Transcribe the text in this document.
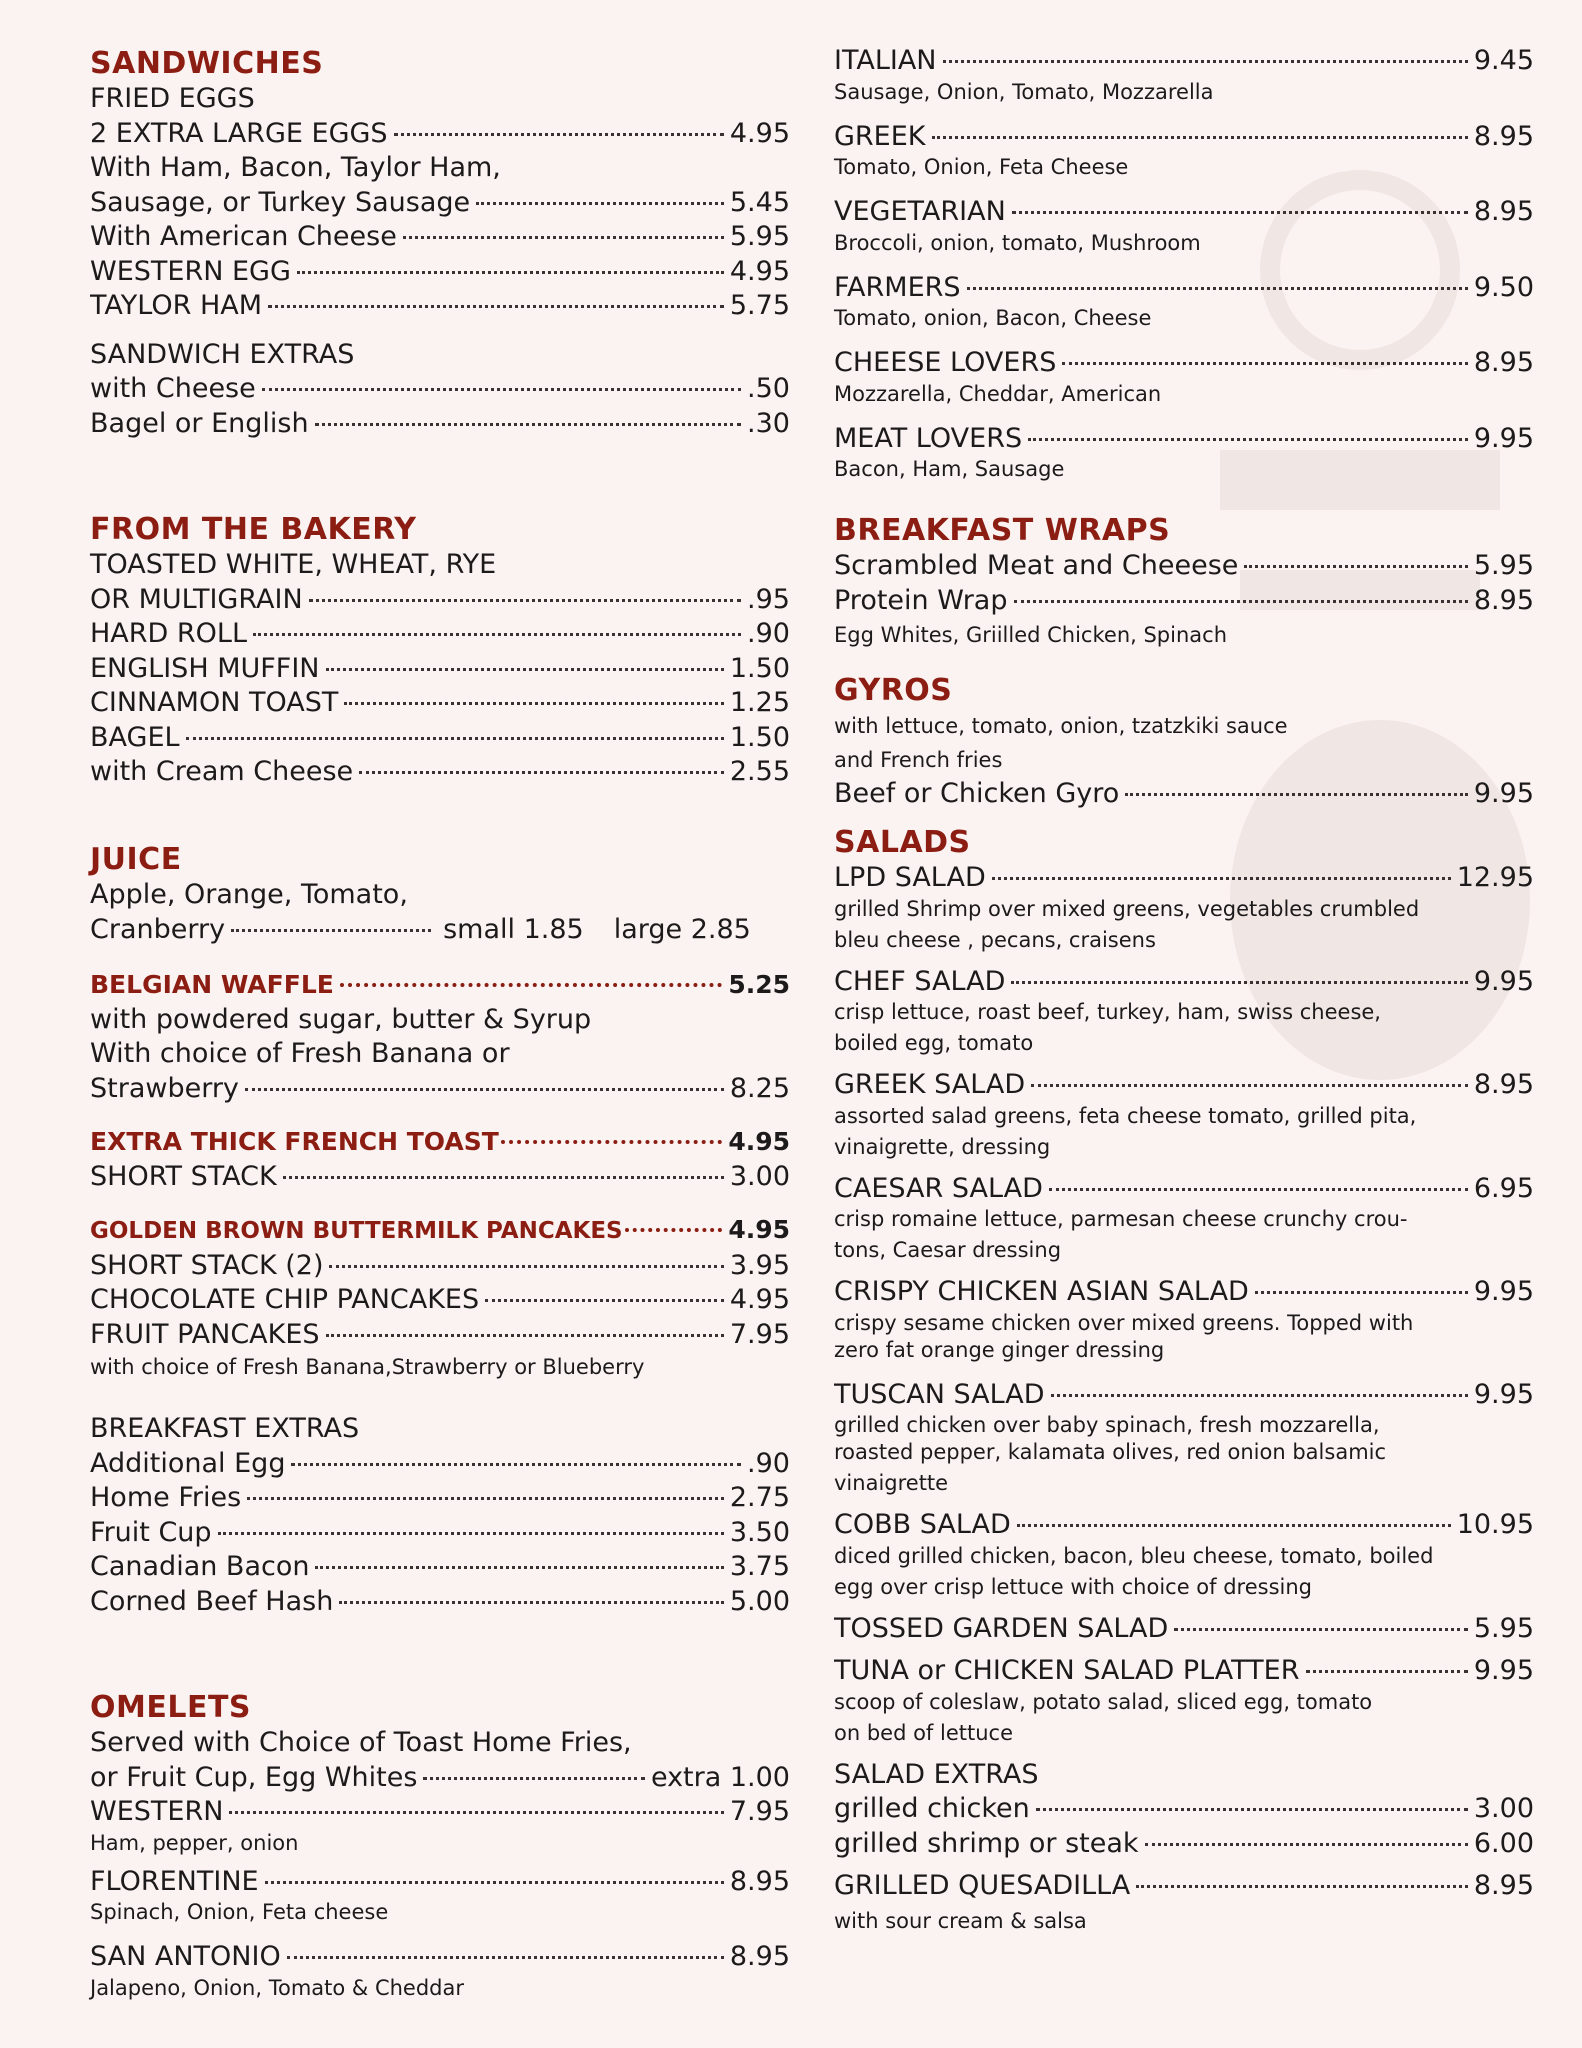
SANDWICHES
FRIED EGGS
2 EXTRA LARGE EGGS	4.95
With Ham, Bacon, Taylor Ham,
Sausage, or Turkey Sausage	5.45
With American Cheese	5.95
WESTERN EGG	4.95
TAYLOR HAM	5.75
SANDWICH EXTRAS
with Cheese	.50
Bagel or English	.30
FROM THE BAKERY
TOASTED WHITE, WHEAT, RYE
OR MULTIGRAIN	.95
HARD ROLL	.90
ENGLISH MUFFIN	1.50
CINNAMON TOAST	1.25
BAGEL	1.50
with Cream Cheese	2.55
JUICE
Apple, Orange, Tomato,
Cranberry	small 1.85 large 2.85
BELGIAN WAFFLE	5.25
with powdered sugar, butter & Syrup
With choice of Fresh Banana or
Strawberry	8.25
EXTRA THICK FRENCH TOAST	4.95
SHORT STACK	3.00
GOLDEN BROWN BUTTERMILK PANCAKES	4.95
SHORT STACK (2)	3.95
CHOCOLATE CHIP PANCAKES	4.95
FRUIT PANCAKES	7.95
with choice of Fresh Banana,Strawberry or Blueberry
BREAKFAST EXTRAS
Additional Egg	.90
Home Fries	2.75
Fruit Cup	3.50
Canadian Bacon	3.75
Corned Beef Hash	5.00
OMELETS
Served with Choice of Toast Home Fries,
or Fruit Cup, Egg Whites	extra 1.00
WESTERN	7.95
Ham, pepper, onion
FLORENTINE	8.95
Spinach, Onion, Feta cheese
SAN ANTONIO	8.95
Jalapeno, Onion, Tomato & Cheddar
ITALIAN	9.45
Sausage, Onion, Tomato, Mozzarella
GREEK	8.95
Tomato, Onion, Feta Cheese
VEGETARIAN	8.95
Broccoli, onion, tomato, Mushroom
FARMERS	9.50
Tomato, onion, Bacon, Cheese
CHEESE LOVERS	8.95
Mozzarella, Cheddar, American
MEAT LOVERS	9.95
Bacon, Ham, Sausage
BREAKFAST WRAPS
Scrambled Meat and Cheeese	5.95
Protein Wrap	8.95
Egg Whites, Griilled Chicken, Spinach
GYROS
with lettuce, tomato, onion, tzatzkiki sauce
and French fries
Beef or Chicken Gyro	9.95
SALADS
LPD SALAD	12.95
grilled Shrimp over mixed greens, vegetables crumbled
bleu cheese , pecans, craisens
CHEF SALAD	9.95
crisp lettuce, roast beef, turkey, ham, swiss cheese,
boiled egg, tomato
GREEK SALAD	8.95
assorted salad greens, feta cheese tomato, grilled pita,
vinaigrette, dressing
CAESAR SALAD	6.95
crisp romaine lettuce, parmesan cheese crunchy crou-
tons, Caesar dressing
CRISPY CHICKEN ASIAN SALAD	9.95
crispy sesame chicken over mixed greens. Topped with
zero fat orange ginger dressing
TUSCAN SALAD	9.95
grilled chicken over baby spinach, fresh mozzarella,
roasted pepper, kalamata olives, red onion balsamic
vinaigrette
COBB SALAD	10.95
diced grilled chicken, bacon, bleu cheese, tomato, boiled
egg over crisp lettuce with choice of dressing
TOSSED GARDEN SALAD	5.95
TUNA or CHICKEN SALAD PLATTER	9.95
scoop of coleslaw, potato salad, sliced egg, tomato
on bed of lettuce
SALAD EXTRAS
grilled chicken	3.00
grilled shrimp or steak	6.00
GRILLED QUESADILLA	8.95
with sour cream & salsa
